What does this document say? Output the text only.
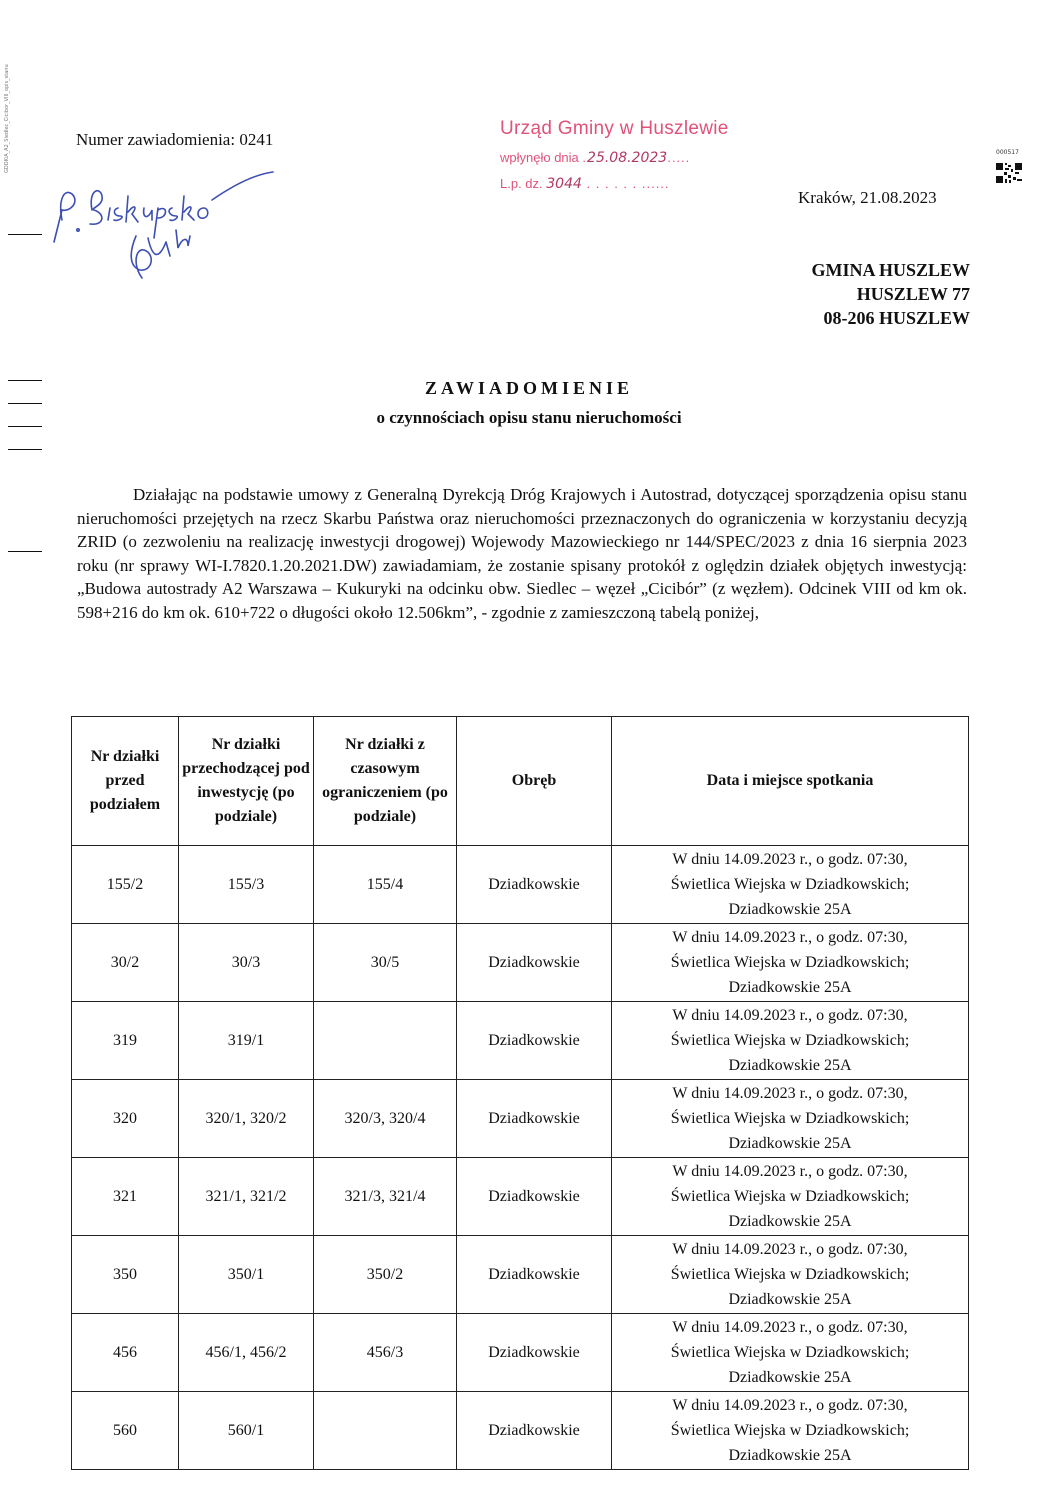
GDDKiA_A2_Siedlec_Cicibor_VIII_opis_stanu	Numer zawiadomienia: 0241
Urząd Gminy w Huszlewie
wpłynęło dnia .25.08.2023.....
L.p. dz. 3044 . . . . . . ......
000517
Kraków, 21.08.2023
GMINA HUSZLEW
HUSZLEW 77
08-206 HUSZLEW
ZAWIADOMIENIE
o czynnościach opisu stanu nieruchomości
Działając na podstawie umowy z Generalną Dyrekcją Dróg Krajowych i Autostrad, dotyczącej sporządzenia opisu stanu nieruchomości przejętych na rzecz Skarbu Państwa oraz nieruchomości przeznaczonych do ograniczenia w korzystaniu decyzją ZRID (o zezwoleniu na realizację inwestycji drogowej) Wojewody Mazowieckiego nr 144/SPEC/2023 z dnia 16 sierpnia 2023 roku (nr sprawy WI-I.7820.1.20.2021.DW) zawiadamiam, że zostanie spisany protokół z oględzin działek objętych inwestycją: „Budowa autostrady A2 Warszawa – Kukuryki na odcinku obw. Siedlec – węzeł „Cicibór” (z węzłem). Odcinek VIII od km ok. 598+216 do km ok. 610+722 o długości około 12.506km”, - zgodnie z zamieszczoną tabelą poniżej,
Nr działki przed podziałem	Nr działki przechodzącej pod inwestycję (po podziale)	Nr działki z czasowym ograniczeniem (po podziale)	Obręb	Data i miejsce spotkania
155/2	155/3	155/4	Dziadkowskie	W dniu 14.09.2023 r., o godz. 07:30,
Świetlica Wiejska w Dziadkowskich;
Dziadkowskie 25A

30/2	30/3	30/5	Dziadkowskie	W dniu 14.09.2023 r., o godz. 07:30,
Świetlica Wiejska w Dziadkowskich;
Dziadkowskie 25A

319	319/1		Dziadkowskie	W dniu 14.09.2023 r., o godz. 07:30,
Świetlica Wiejska w Dziadkowskich;
Dziadkowskie 25A

320	320/1, 320/2	320/3, 320/4	Dziadkowskie	W dniu 14.09.2023 r., o godz. 07:30,
Świetlica Wiejska w Dziadkowskich;
Dziadkowskie 25A

321	321/1, 321/2	321/3, 321/4	Dziadkowskie	W dniu 14.09.2023 r., o godz. 07:30,
Świetlica Wiejska w Dziadkowskich;
Dziadkowskie 25A

350	350/1	350/2	Dziadkowskie	W dniu 14.09.2023 r., o godz. 07:30,
Świetlica Wiejska w Dziadkowskich;
Dziadkowskie 25A

456	456/1, 456/2	456/3	Dziadkowskie	W dniu 14.09.2023 r., o godz. 07:30,
Świetlica Wiejska w Dziadkowskich;
Dziadkowskie 25A

560	560/1		Dziadkowskie	W dniu 14.09.2023 r., o godz. 07:30,
Świetlica Wiejska w Dziadkowskich;
Dziadkowskie 25A
